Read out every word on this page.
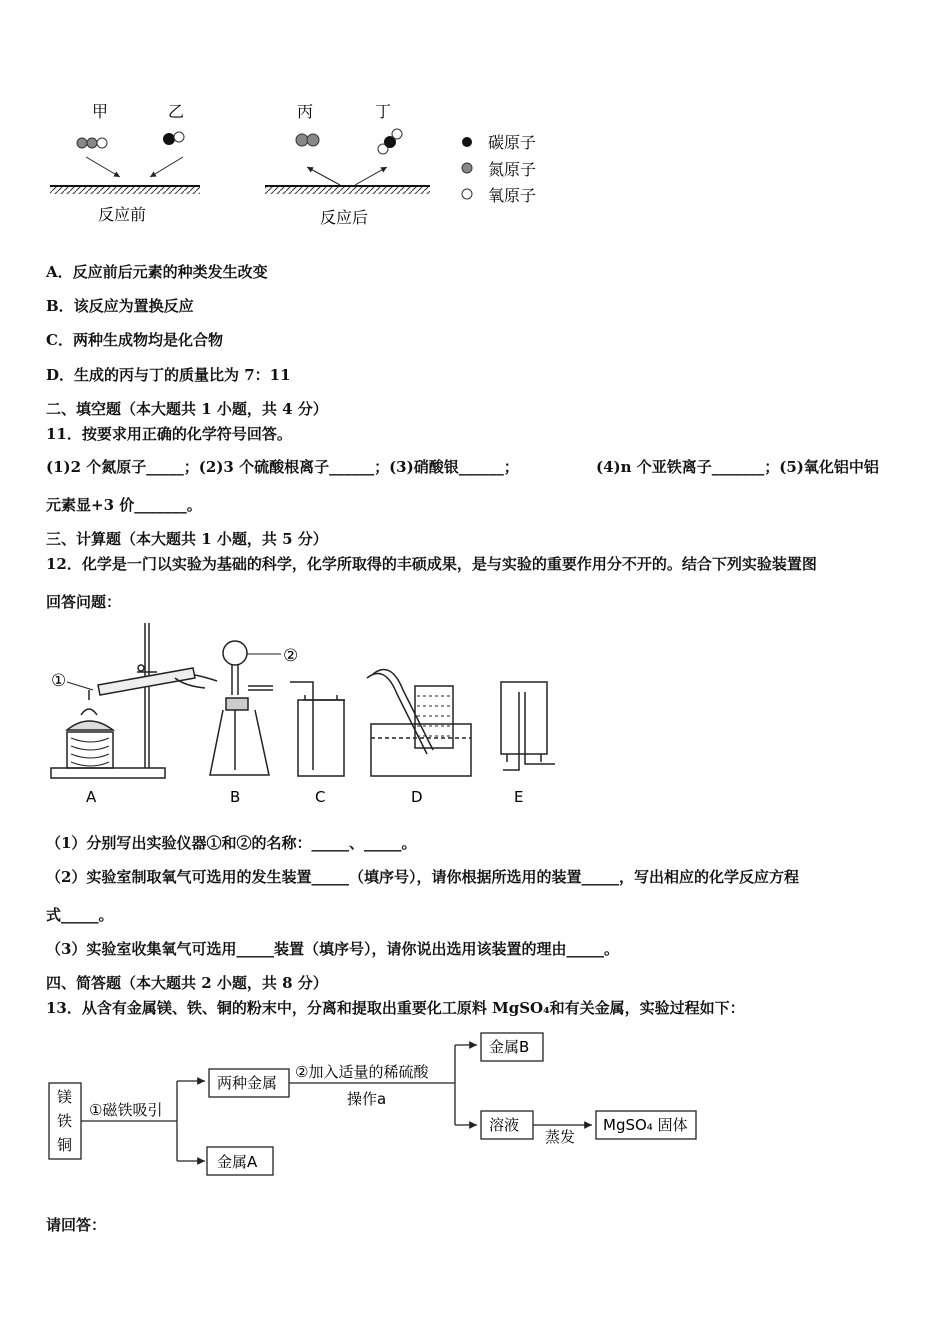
甲	乙	丙	丁
反应前	反应后
碳原子
氮原子
氧原子
A．反应前后元素的种类发生改变
B．该反应为置换反应
C．两种生成物均是化合物
D．生成的丙与丁的质量比为 7：11
二、填空题（本大题共 1 小题，共 4 分）
11．按要求用正确的化学符号回答。
(1)2 个氮原子_____；(2)3 个硫酸根离子______；(3)硝酸银______；	(4)n 个亚铁离子_______；(5)氧化铝中铝
元素显+3 价_______。
三、计算题（本大题共 1 小题，共 5 分）
12．化学是一门以实验为基础的科学，化学所取得的丰硕成果，是与实验的重要作用分不开的。结合下列实验装置图
回答问题：
①
②
A	B	C	D	E
（1）分别写出实验仪器①和②的名称：_____、_____。
（2）实验室制取氧气可选用的发生装置_____（填序号），请你根据所选用的装置_____，写出相应的化学反应方程
式_____。
（3）实验室收集氧气可选用_____装置（填序号），请你说出选用该装置的理由_____。
四、简答题（本大题共 2 小题，共 8 分）
13．从含有金属镁、铁、铜的粉末中，分离和提取出重要化工原料 MgSO₄和有关金属，实验过程如下：
镁
铁
铜
①磁铁吸引
两种金属
金属A
②加入适量的稀硫酸
操作a
金属B
溶液
蒸发
MgSO₄ 固体
请回答：
